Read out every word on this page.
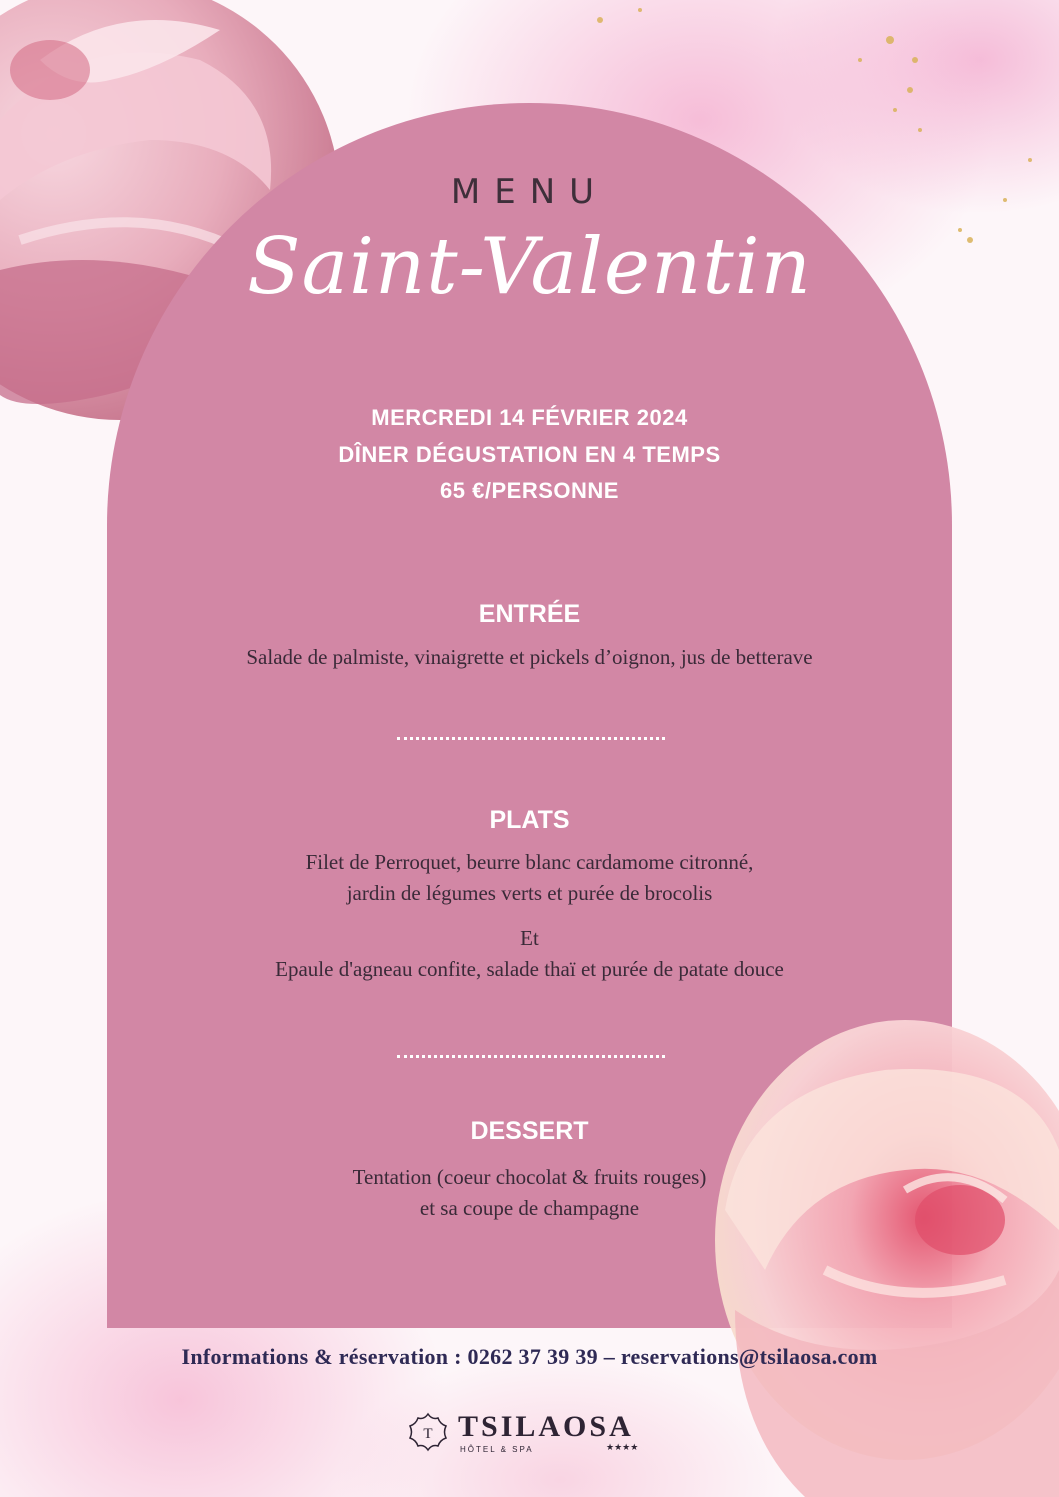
MENU
Saint-Valentin
MERCREDI 14 FÉVRIER 2024
DÎNER DÉGUSTATION EN 4 TEMPS
65 €/PERSONNE
ENTRÉE
Salade de palmiste, vinaigrette et pickels d’oignon, jus de betterave
PLATS
Filet de Perroquet, beurre blanc cardamome citronné,
jardin de légumes verts et purée de brocolis
Et
Epaule d'agneau confite, salade thaï et purée de patate douce
DESSERT
Tentation (coeur chocolat & fruits rouges)
et sa coupe de champagne
Informations & réservation : 0262 37 39 39 – reservations@tsilaosa.com
T TSILAOSA
HÔTEL & SPA	★★★★
